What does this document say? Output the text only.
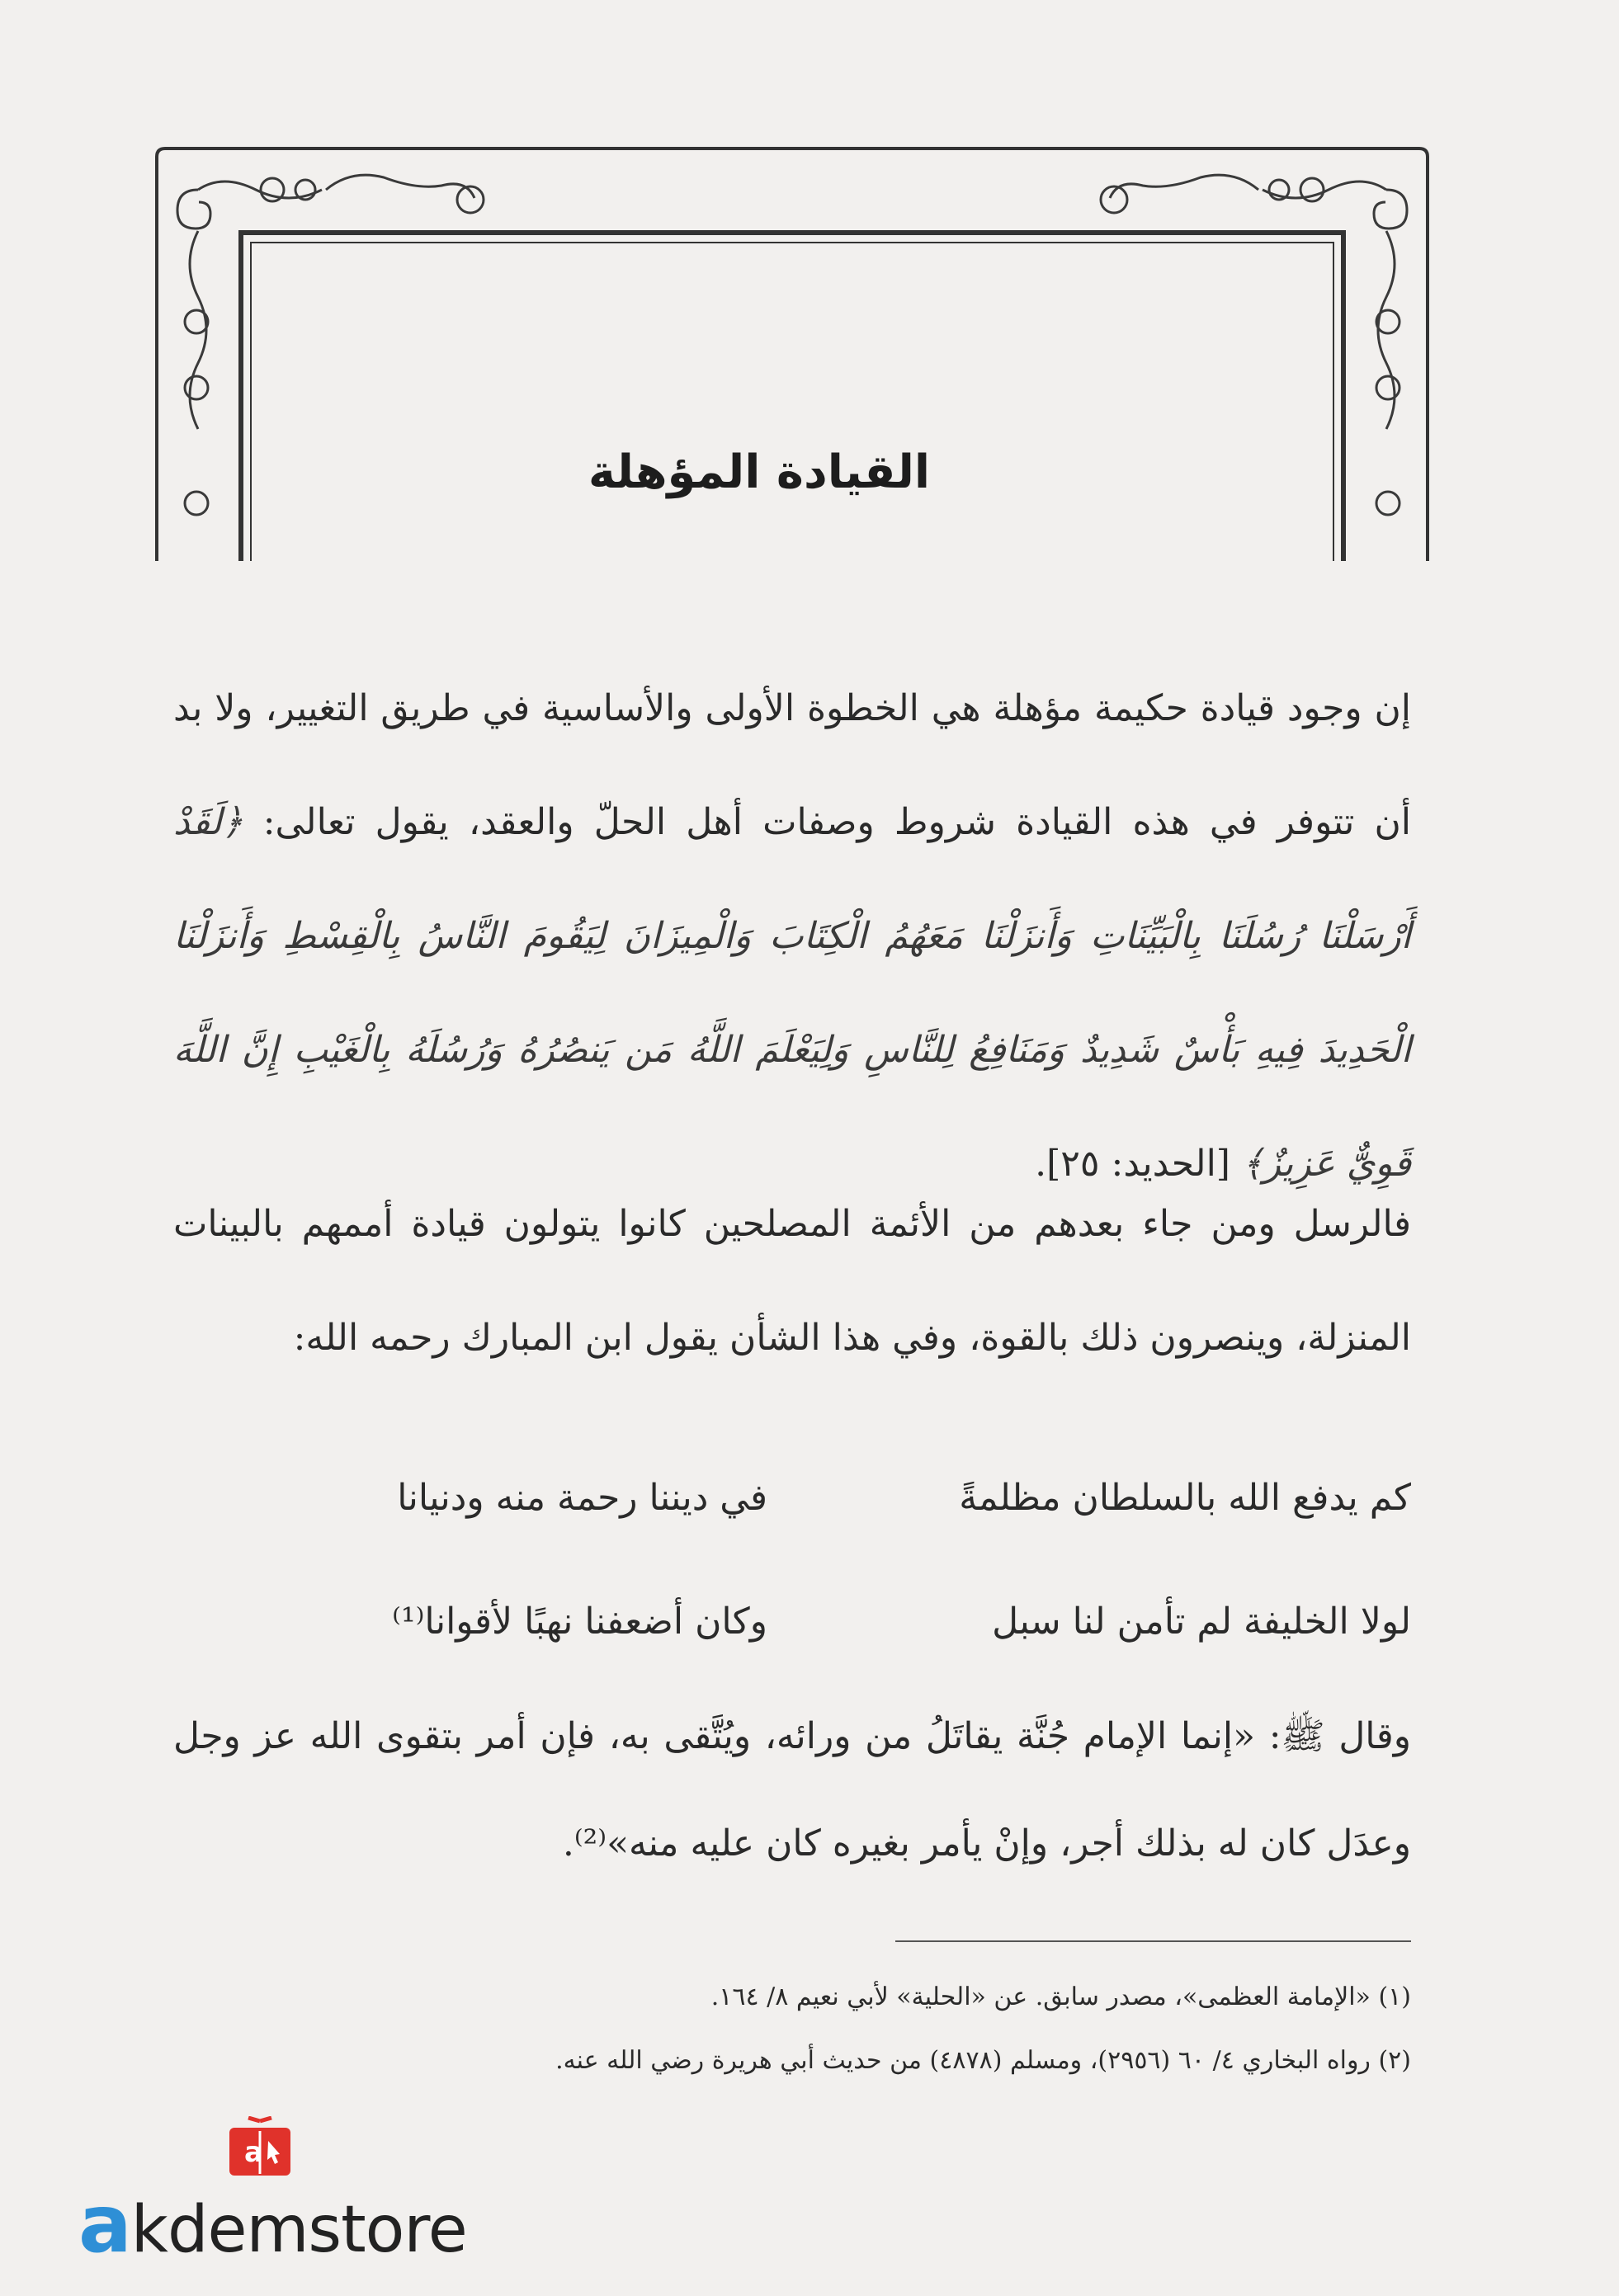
القيادة المؤهلة
إن وجود قيادة حكيمة مؤهلة هي الخطوة الأولى والأساسية في طريق التغيير، ولا بد أن تتوفر في هذه القيادة شروط وصفات أهل الحلّ والعقد، يقول تعالى: ﴿لَقَدْ أَرْسَلْنَا رُسُلَنَا بِالْبَيِّنَاتِ وَأَنزَلْنَا مَعَهُمُ الْكِتَابَ وَالْمِيزَانَ لِيَقُومَ النَّاسُ بِالْقِسْطِ وَأَنزَلْنَا الْحَدِيدَ فِيهِ بَأْسٌ شَدِيدٌ وَمَنَافِعُ لِلنَّاسِ وَلِيَعْلَمَ اللَّهُ مَن يَنصُرُهُ وَرُسُلَهُ بِالْغَيْبِ إِنَّ اللَّهَ قَوِيٌّ عَزِيزٌ﴾ [الحديد: ٢٥].
فالرسل ومن جاء بعدهم من الأئمة المصلحين كانوا يتولون قيادة أممهم بالبينات المنزلة، وينصرون ذلك بالقوة، وفي هذا الشأن يقول ابن المبارك رحمه الله:
كم يدفع الله بالسلطان مظلمةً
في ديننا رحمة منه ودنيانا
لولا الخليفة لم تأمن لنا سبل
وكان أضعفنا نهبًا لأقوانا⁽¹⁾
وقال ﷺ: «إنما الإمام جُنَّة يقاتَلُ من ورائه، ويُتَّقى به، فإن أمر بتقوى الله عز وجل وعدَل كان له بذلك أجر، وإنْ يأمر بغيره كان عليه منه»⁽²⁾.
(١) «الإمامة العظمى»، مصدر سابق. عن «الحلية» لأبي نعيم ٨/ ١٦٤.
(٢) رواه البخاري ٤/ ٦٠ (٢٩٥٦)، ومسلم (٤٨٧٨) من حديث أبي هريرة رضي الله عنه.
a
akdemstore
